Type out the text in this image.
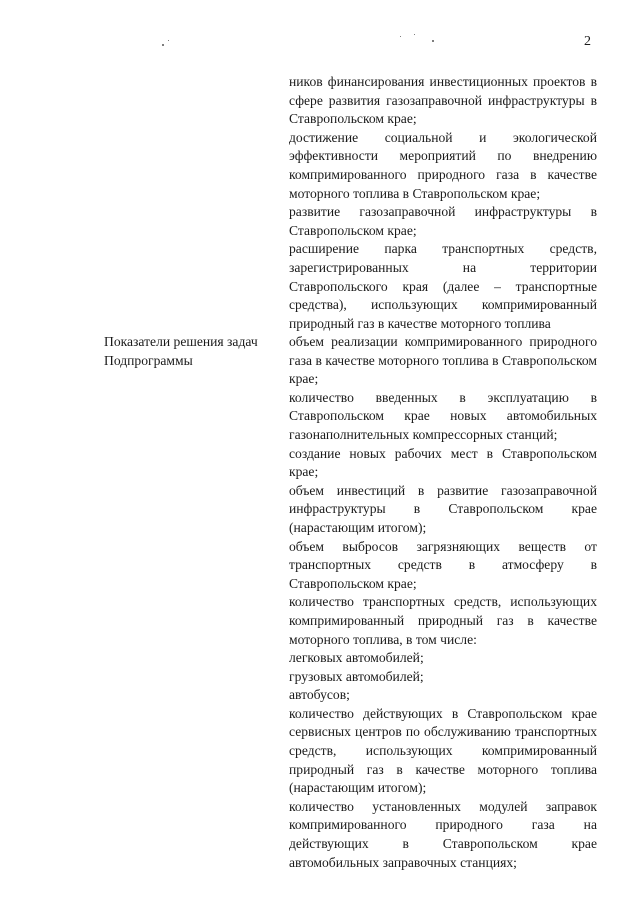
2

ников финансирования инвестиционных проектов в сфере развития газозаправочной инфраструктуры в Ставропольском крае;

достижение социальной и экологической эффективности мероприятий по внедрению компримированного природного газа в качестве моторного топлива в Ставропольском крае;

развитие газозаправочной инфраструктуры в Ставропольском крае;

расширение парка транспортных средств, зарегистрированных на территории Ставропольского края (далее – транспортные средства), использующих компримированный природный газ в качестве моторного топлива

Показатели решения задач Подпрограммы

объем реализации компримированного природного газа в качестве моторного топлива в Ставропольском крае;

количество введенных в эксплуатацию в Ставропольском крае новых автомобильных газонаполнительных компрессорных станций;

создание новых рабочих мест в Ставропольском крае;

объем инвестиций в развитие газозаправочной инфраструктуры в Ставропольском крае (нарастающим итогом);

объем выбросов загрязняющих веществ от транспортных средств в атмосферу в Ставропольском крае;

количество транспортных средств, использующих компримированный природный газ в качестве моторного топлива, в том числе:

легковых автомобилей;

грузовых автомобилей;

автобусов;

количество действующих в Ставропольском крае сервисных центров по обслуживанию транспортных средств, использующих компримированный природный газ в качестве моторного топлива (нарастающим итогом);

количество установленных модулей заправок компримированного природного газа на действующих в Ставропольском крае автомобильных заправочных станциях;
